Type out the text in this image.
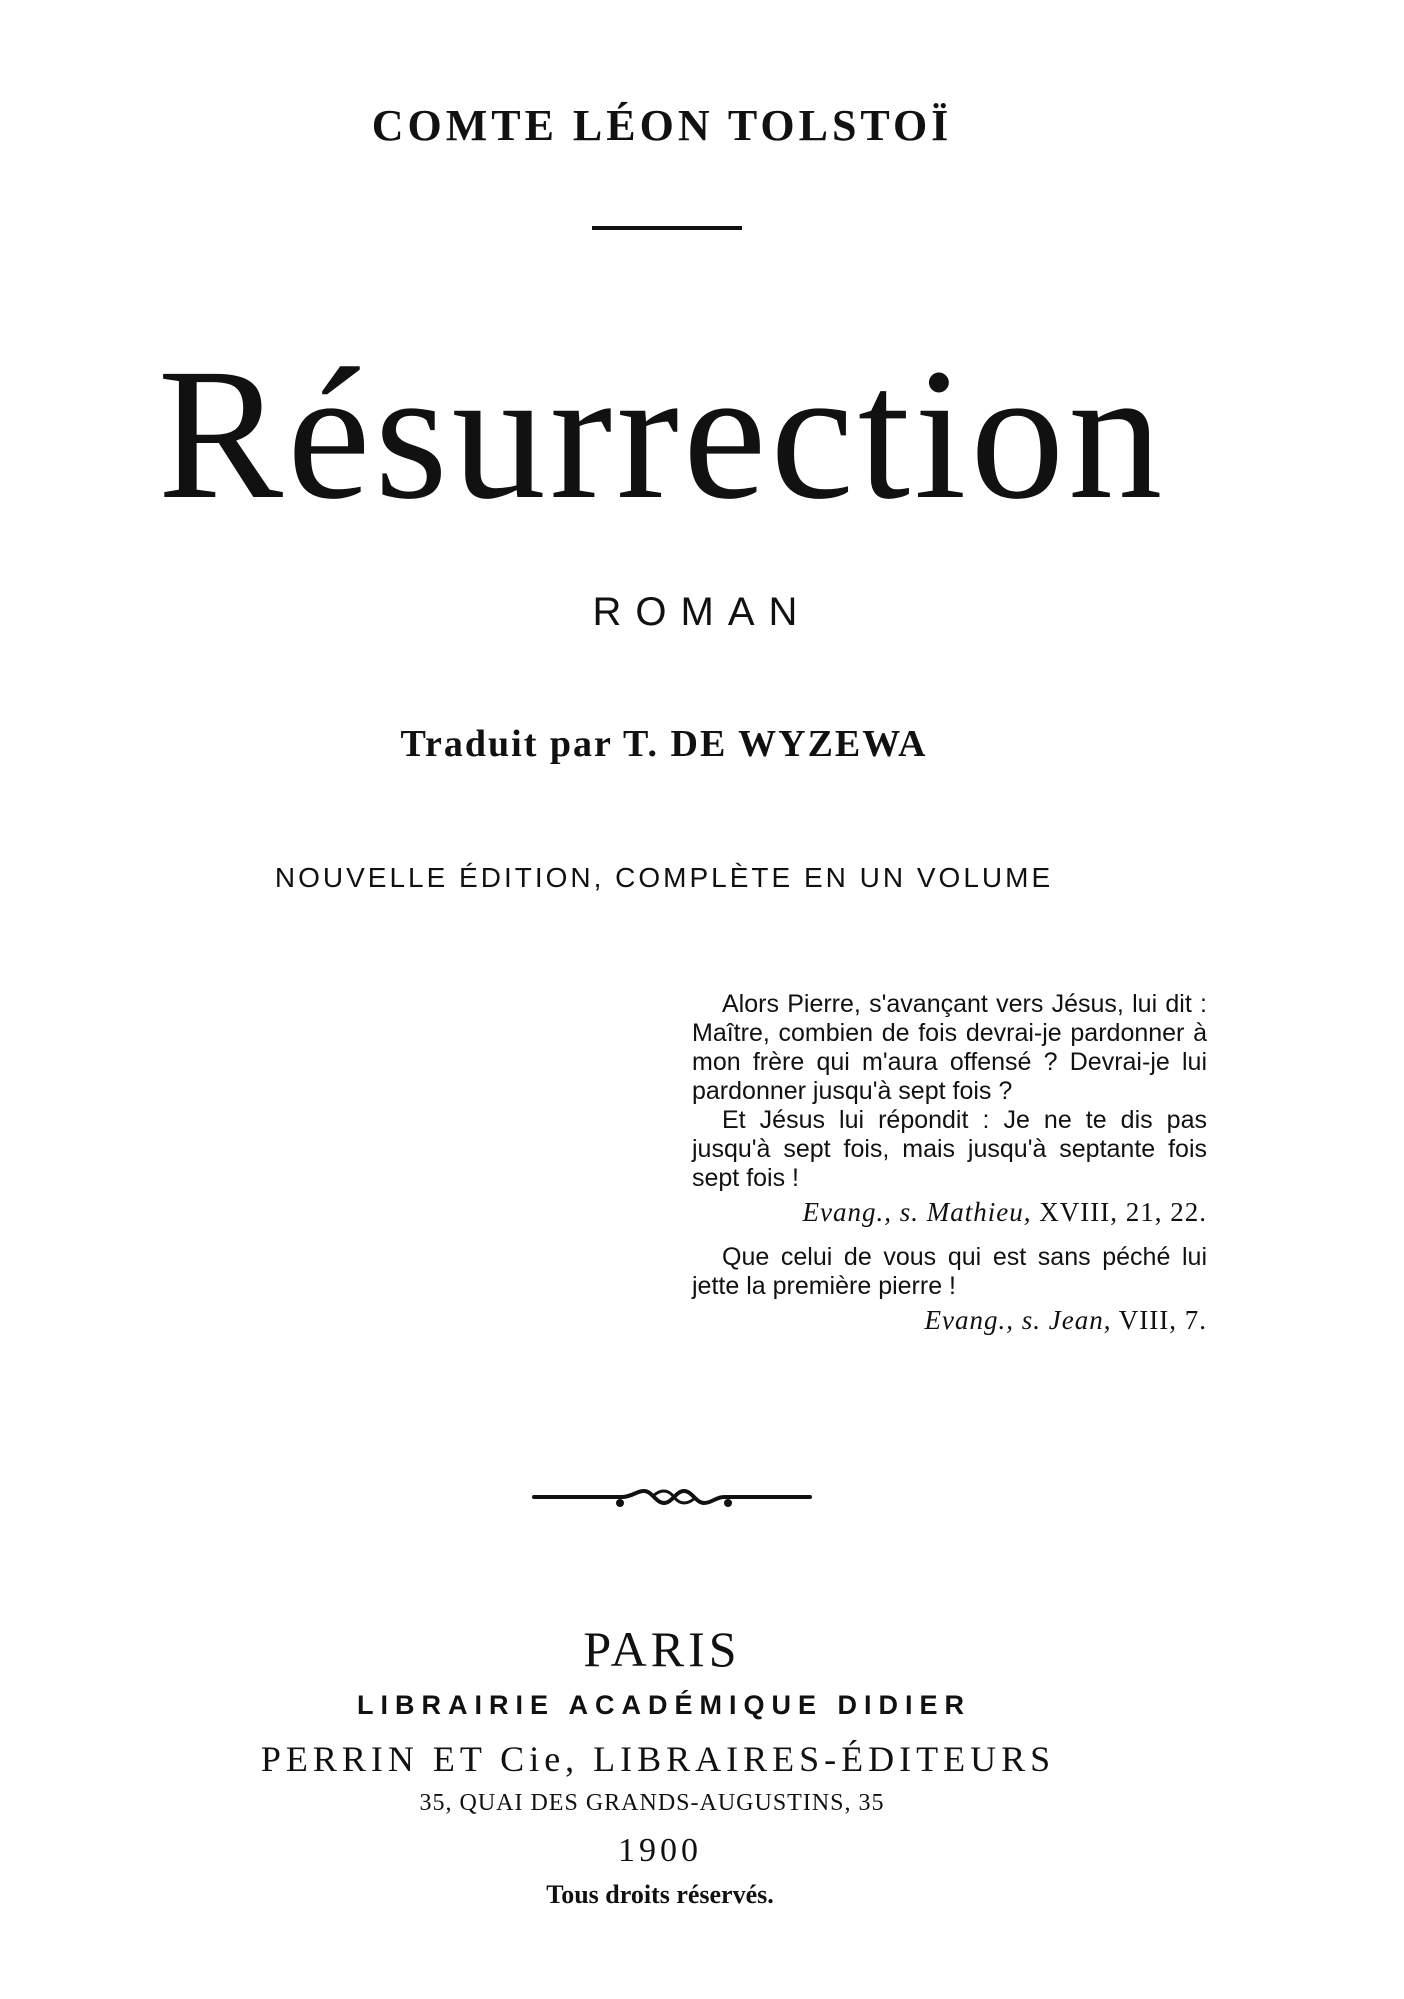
COMTE LÉON TOLSTOÏ
Résurrection
ROMAN
Traduit par T. DE WYZEWA
NOUVELLE ÉDITION, COMPLÈTE EN UN VOLUME

Alors Pierre, s'avançant vers Jésus, lui dit : Maître, combien de fois devrai-je pardonner à mon frère qui m'aura offensé ? Devrai-je lui pardonner jusqu'à sept fois ?
Et Jésus lui répondit : Je ne te dis pas jusqu'à sept fois, mais jusqu'à septante fois sept fois !

Evang., s. Mathieu, XVIII, 21, 22.

Que celui de vous qui est sans péché lui jette la première pierre !

Evang., s. Jean, VIII, 7.
PARIS
LIBRAIRIE ACADÉMIQUE DIDIER
PERRIN ET Cie, LIBRAIRES-ÉDITEURS
35, QUAI DES GRANDS-AUGUSTINS, 35
1900
Tous droits réservés.
